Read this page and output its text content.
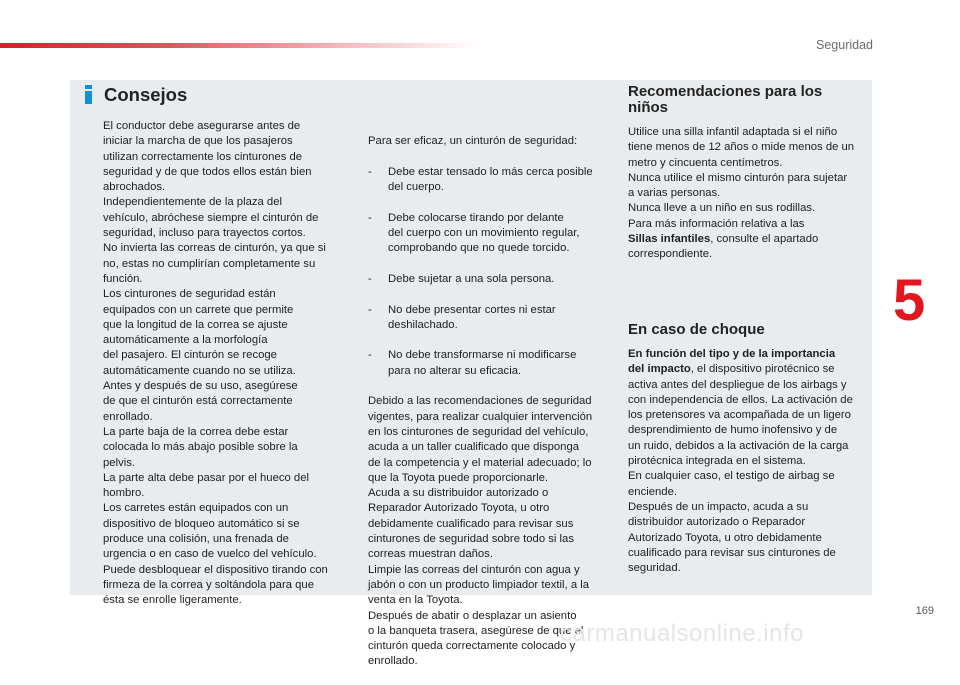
Seguridad
5
Consejos
El conductor debe asegurarse antes de
iniciar la marcha de que los pasajeros
utilizan correctamente los cinturones de
seguridad y de que todos ellos están bien
abrochados.
Independientemente de la plaza del
vehículo, abróchese siempre el cinturón de
seguridad, incluso para trayectos cortos.
No invierta las correas de cinturón, ya que si
no, estas no cumplirían completamente su
función.
Los cinturones de seguridad están
equipados con un carrete que permite
que la longitud de la correa se ajuste
automáticamente a la morfología
del pasajero. El cinturón se recoge
automáticamente cuando no se utiliza.
Antes y después de su uso, asegúrese
de que el cinturón está correctamente
enrollado.
La parte baja de la correa debe estar
colocada lo más abajo posible sobre la
pelvis.
La parte alta debe pasar por el hueco del
hombro.
Los carretes están equipados con un
dispositivo de bloqueo automático si se
produce una colisión, una frenada de
urgencia o en caso de vuelco del vehículo.
Puede desbloquear el dispositivo tirando con
firmeza de la correa y soltándola para que
ésta se enrolle ligeramente.

Para ser eficaz, un cinturón de seguridad:

-	Debe estar tensado lo más cerca posible
del cuerpo.

-	Debe colocarse tirando por delante
del cuerpo con un movimiento regular,
comprobando que no quede torcido.

-	Debe sujetar a una sola persona.

-	No debe presentar cortes ni estar
deshilachado.

-	No debe transformarse ni modificarse
para no alterar su eficacia.

Debido a las recomendaciones de seguridad
vigentes, para realizar cualquier intervención
en los cinturones de seguridad del vehículo,
acuda a un taller cualificado que disponga
de la competencia y el material adecuado; lo
que la Toyota puede proporcionarle.
Acuda a su distribuidor autorizado o
Reparador Autorizado Toyota, u otro
debidamente cualificado para revisar sus
cinturones de seguridad sobre todo si las
correas muestran daños.
Limpie las correas del cinturón con agua y
jabón o con un producto limpiador textil, a la
venta en la Toyota.
Después de abatir o desplazar un asiento
o la banqueta trasera, asegúrese de que el
cinturón queda correctamente colocado y
enrollado.

Recomendaciones para los
niños
Utilice una silla infantil adaptada si el niño
tiene menos de 12 años o mide menos de un
metro y cincuenta centímetros.
Nunca utilice el mismo cinturón para sujetar
a varias personas.
Nunca lleve a un niño en sus rodillas.
Para más información relativa a las
Sillas infantiles, consulte el apartado
correspondiente.
En caso de choque
En función del tipo y de la importancia
del impacto, el dispositivo pirotécnico se
activa antes del despliegue de los airbags y
con independencia de ellos. La activación de
los pretensores va acompañada de un ligero
desprendimiento de humo inofensivo y de
un ruido, debidos a la activación de la carga
pirotécnica integrada en el sistema.
En cualquier caso, el testigo de airbag se
enciende.
Después de un impacto, acuda a su
distribuidor autorizado o Reparador
Autorizado Toyota, u otro debidamente
cualificado para revisar sus cinturones de
seguridad.
169
carmanualsonline.info
